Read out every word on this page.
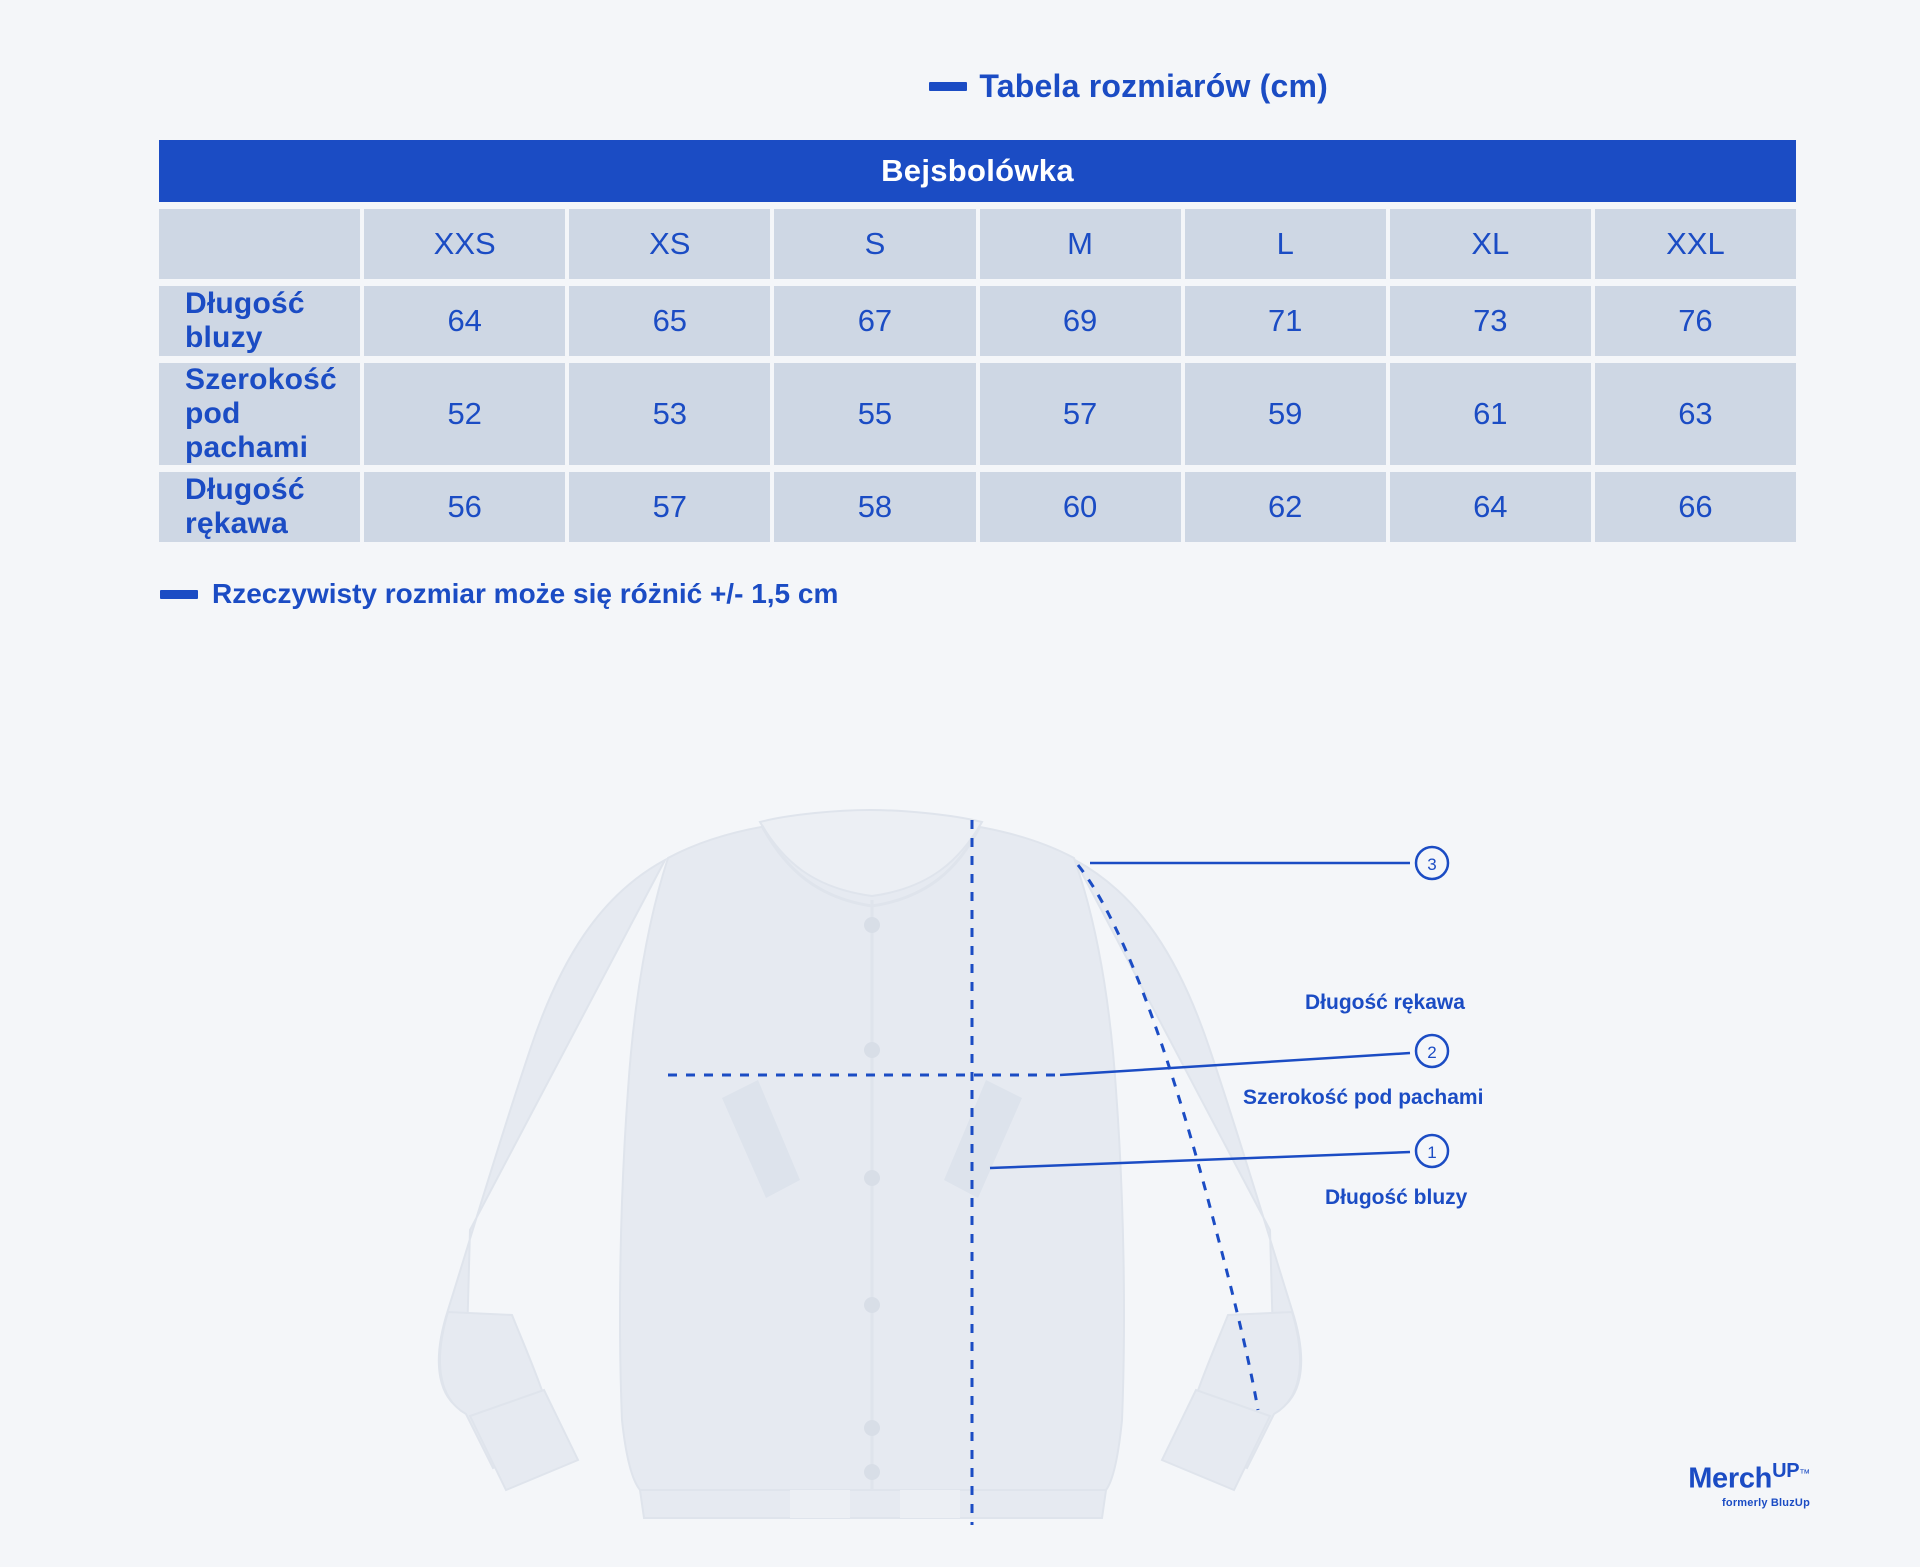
Tabela rozmiarów (cm)
Bejsbolówka							
	XXS	XS	S	M	L	XL	XXL
Długość bluzy	64	65	67	69	71	73	76
Szerokość pod pachami	52	53	55	57	59	61	63
Długość rękawa	56	57	58	60	62	64	66
Rzeczywisty rozmiar może się różnić +/- 1,5 cm
3
2
1
Długość rękawa
Szerokość pod pachami
Długość bluzy
Merch$^{UP™}$
formerly BluzUp
